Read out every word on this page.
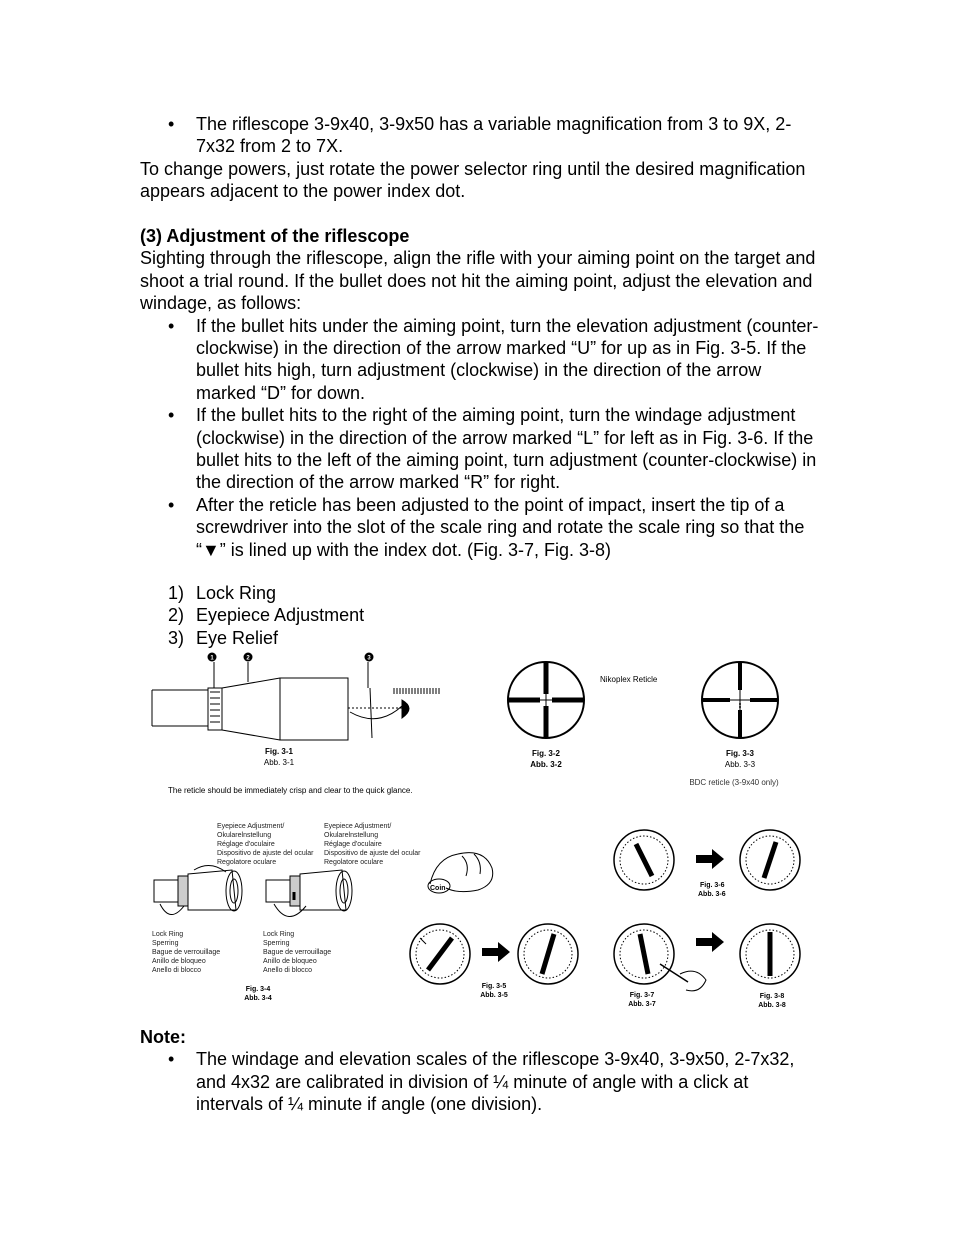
• The riflescope 3-9x40, 3-9x50 has a variable magnification from 3 to 9X, 2-7x32 from 2 to 7X.

To change powers, just rotate the power selector ring until the desired magnification appears adjacent to the power index dot.

(3) Adjustment of the riflescope

Sighting through the riflescope, align the rifle with your aiming point on the target and shoot a trial round. If the bullet does not hit the aiming point, adjust the elevation and windage, as follows:

• If the bullet hits under the aiming point, turn the elevation adjustment (counter-clockwise) in the direction of the arrow marked “U” for up as in Fig. 3-5. If the bullet hits high, turn adjustment (clockwise) in the direction of the arrow marked “D” for down.
• If the bullet hits to the right of the aiming point, turn the windage adjustment (clockwise) in the direction of the arrow marked “L” for left as in Fig. 3-6. If the bullet hits to the left of the aiming point, turn adjustment (counter-clockwise) in the direction of the arrow marked “R” for right.
• After the reticle has been adjusted to the point of impact, insert the tip of a screwdriver into the slot of the scale ring and rotate the scale ring so that the “▼” is lined up with the index dot. (Fig. 3-7, Fig. 3-8)
1) Lock Ring
2) Eyepiece Adjustment
3) Eye Relief
1	2	3
Fig. 3-1
Abb. 3-1
Nikoplex Reticle
Fig. 3-2
Abb. 3-2
Fig. 3-3
Abb. 3-3
BDC reticle (3-9x40 only)
The reticle should be immediately crisp and clear to the quick glance.
Eyepiece Adjustment/
Okularelnstellung
Réglage d'oculaire
Dispositivo de ajuste del ocular
Regolatore oculare
Eyepiece Adjustment/
Okularelnstellung
Réglage d'oculaire
Dispositivo de ajuste del ocular
Regolatore oculare
Lock Ring
Sperring
Bague de verrouillage
Anillo de bloqueo
Anello di blocco
Lock Ring
Sperring
Bague de verrouillage
Anillo de bloqueo
Anello di blocco
Fig. 3-4
Abb. 3-4
Coin
Fig. 3-5
Abb. 3-5
Fig. 3-6
Abb. 3-6
Fig. 3-7
Abb. 3-7
Fig. 3-8
Abb. 3-8

Note:

• The windage and elevation scales of the riflescope 3-9x40, 3-9x50, 2-7x32, and 4x32 are calibrated in division of ¼ minute of angle with a click at intervals of ¼ minute if angle (one division).
